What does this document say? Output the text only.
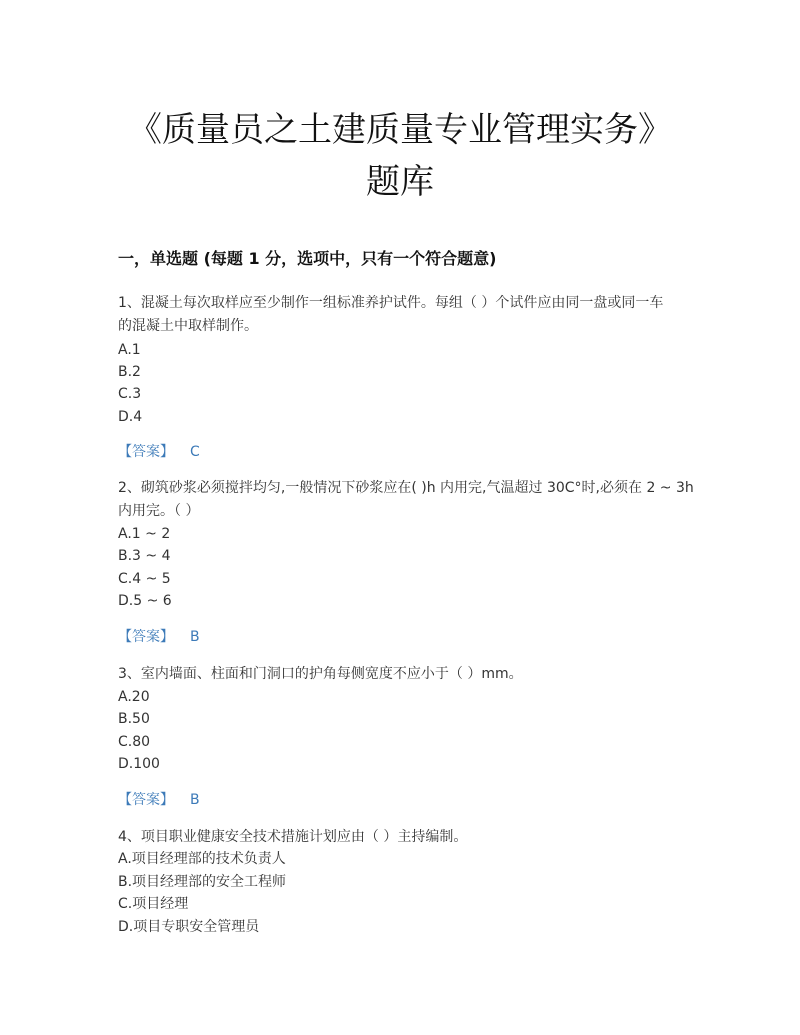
《质量员之土建质量专业管理实务》
题库
一，单选题 (每题 1 分，选项中，只有一个符合题意)
1、混凝土每次取样应至少制作一组标准养护试件。每组（ ）个试件应由同一盘或同一车
的混凝土中取样制作。
A.1
B.2
C.3
D.4
【答案】 C
2、砌筑砂浆必须搅拌均匀,一般情况下砂浆应在( )h 内用完,气温超过 30C°时,必须在 2 ~ 3h
内用完。（ ）
A.1 ~ 2
B.3 ~ 4
C.4 ~ 5
D.5 ~ 6
【答案】 B
3、室内墙面、柱面和门洞口的护角每侧宽度不应小于（ ）mm。
A.20
B.50
C.80
D.100
【答案】 B
4、项目职业健康安全技术措施计划应由（ ）主持编制。
A.项目经理部的技术负责人
B.项目经理部的安全工程师
C.项目经理
D.项目专职安全管理员
